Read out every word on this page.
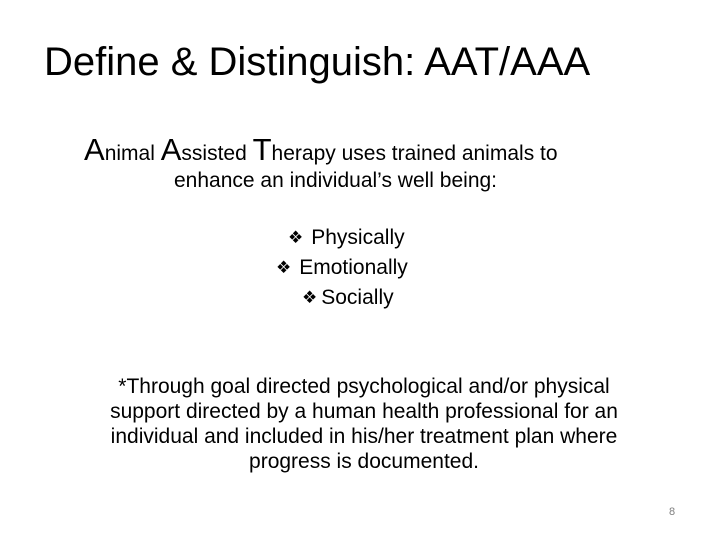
Define & Distinguish: AAT/AAA
Animal Assisted Therapy uses trained animals to
enhance an individual’s well being:
❖ Physically
❖ Emotionally
❖ Socially
*Through goal directed psychological and/or physical
support directed by a human health professional for an
individual and included in his/her treatment plan where
progress is documented.
8
